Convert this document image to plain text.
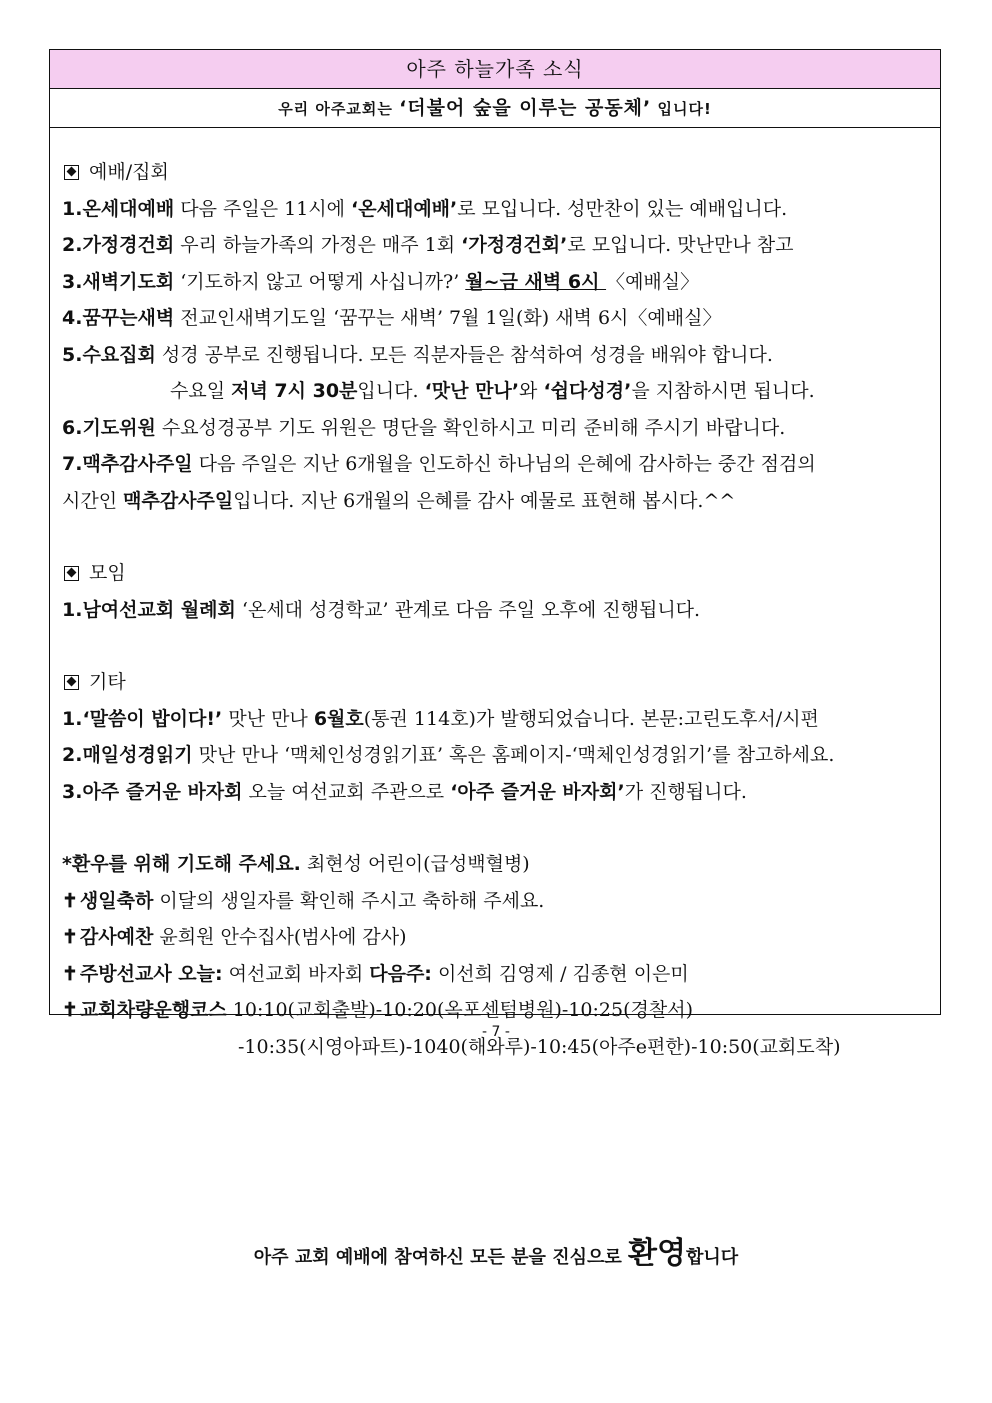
아주 하늘가족 소식
우리 아주교회는 ‘더불어 숲을 이루는 공동체’ 입니다!
예배/집회
1.온세대예배 다음 주일은 11시에 ‘온세대예배’로 모입니다. 성만찬이 있는 예배입니다.
2.가정경건회 우리 하늘가족의 가정은 매주 1회 ‘가정경건회’로 모입니다. 맛난만나 참고
3.새벽기도회 ‘기도하지 않고 어떻게 사십니까?’ 월~금 새벽 6시 〈예배실〉
4.꿈꾸는새벽 전교인새벽기도일 ‘꿈꾸는 새벽’ 7월 1일(화) 새벽 6시〈예배실〉
5.수요집회 성경 공부로 진행됩니다. 모든 직분자들은 참석하여 성경을 배워야 합니다.
수요일 저녁 7시 30분입니다. ‘맛난 만나’와 ‘쉽다성경’을 지참하시면 됩니다.
6.기도위원 수요성경공부 기도 위원은 명단을 확인하시고 미리 준비해 주시기 바랍니다.
7.맥추감사주일 다음 주일은 지난 6개월을 인도하신 하나님의 은혜에 감사하는 중간 점검의
시간인 맥추감사주일입니다. 지난 6개월의 은혜를 감사 예물로 표현해 봅시다.^^
모임
1.남여선교회 월례회 ‘온세대 성경학교’ 관계로 다음 주일 오후에 진행됩니다.
기타
1.‘말씀이 밥이다!’ 맛난 만나 6월호(통권 114호)가 발행되었습니다. 본문:고린도후서/시편
2.매일성경읽기 맛난 만나 ‘맥체인성경읽기표’ 혹은 홈페이지-‘맥체인성경읽기’를 참고하세요.
3.아주 즐거운 바자회 오늘 여선교회 주관으로 ‘아주 즐거운 바자회’가 진행됩니다.
*환우를 위해 기도해 주세요. 최현성 어린이(급성백혈병)
✝ 생일축하 이달의 생일자를 확인해 주시고 축하해 주세요.
✝ 감사예찬 윤희원 안수집사(범사에 감사)
✝ 주방선교사 오늘: 여선교회 바자회 다음주: 이선희 김영제 / 김종현 이은미
✝ 교회차량운행코스 10:10(교회출발)-10:20(옥포센텀병원)-10:25(경찰서)
-10:35(시영아파트)-1040(해와루)-10:45(아주e편한)-10:50(교회도착)
아주 교회 예배에 참여하신 모든 분을 진심으로 환영합니다
- 7 -
